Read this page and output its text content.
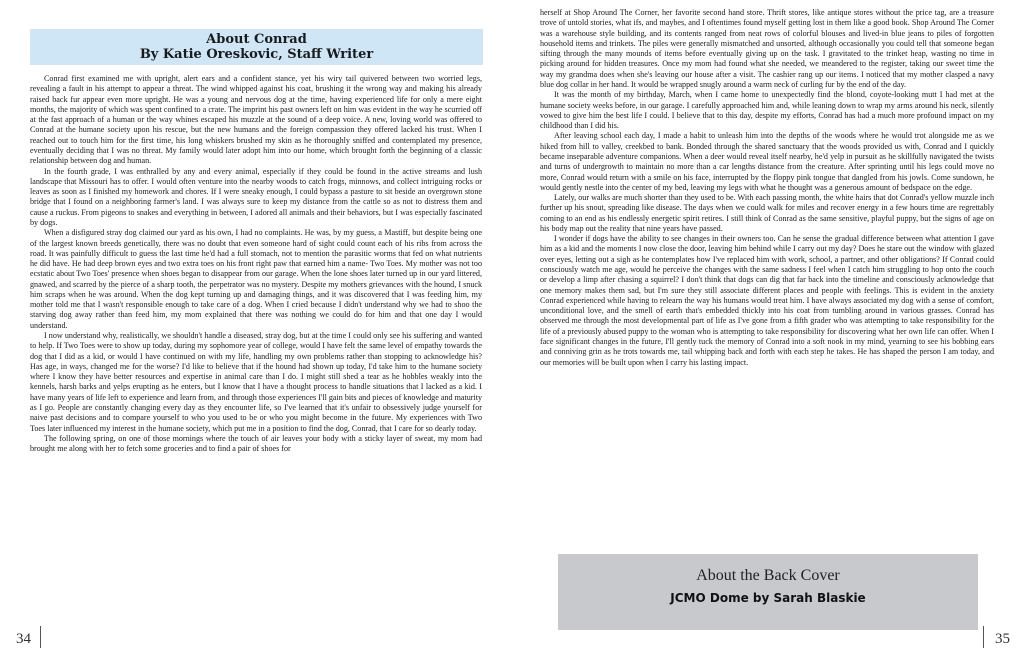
About Conrad
By Katie Oreskovic, Staff Writer

Conrad first examined me with upright, alert ears and a confident stance, yet his wiry tail quivered between two worried legs, revealing a fault in his attempt to appear a threat. The wind whipped against his coat, brushing it the wrong way and making his already raised back fur appear even more upright. He was a young and nervous dog at the time, having experienced life for only a mere eight months, the majority of which was spent confined to a crate. The imprint his past owners left on him was evident in the way he scurried off at the fast approach of a human or the way whines escaped his muzzle at the sound of a deep voice. A new, loving world was offered to Conrad at the humane society upon his rescue, but the new humans and the foreign compassion they offered lacked his trust. When I reached out to touch him for the first time, his long whiskers brushed my skin as he thoroughly sniffed and contemplated my presence, eventually deciding that I was no threat. My family would later adopt him into our home, which brought forth the beginning of a classic relationship between dog and human.

In the fourth grade, I was enthralled by any and every animal, especially if they could be found in the active streams and lush landscape that Missouri has to offer. I would often venture into the nearby woods to catch frogs, minnows, and collect intriguing rocks or leaves as soon as I finished my homework and chores. If I were sneaky enough, I could bypass a pasture to sit beside an overgrown stone bridge that I found on a neighboring farmer's land. I was always sure to keep my distance from the cattle so as not to distress them and cause a ruckus. From pigeons to snakes and everything in between, I adored all animals and their behaviors, but I was especially fascinated by dogs.

When a disfigured stray dog claimed our yard as his own, I had no complaints. He was, by my guess, a Mastiff, but despite being one of the largest known breeds genetically, there was no doubt that even someone hard of sight could count each of his ribs from across the road. It was painfully difficult to guess the last time he'd had a full stomach, not to mention the parasitic worms that fed on what nutrients he did have. He had deep brown eyes and two extra toes on his front right paw that earned him a name- Two Toes. My mother was not too ecstatic about Two Toes' presence when shoes began to disappear from our garage. When the lone shoes later turned up in our yard littered, gnawed, and scarred by the pierce of a sharp tooth, the perpetrator was no mystery. Despite my mothers grievances with the hound, I snuck him scraps when he was around. When the dog kept turning up and damaging things, and it was discovered that I was feeding him, my mother told me that I wasn't responsible enough to take care of a dog. When I cried because I didn't understand why we had to shoo the starving dog away rather than feed him, my mom explained that there was nothing we could do for him and that one day I would understand.

I now understand why, realistically, we shouldn't handle a diseased, stray dog, but at the time I could only see his suffering and wanted to help. If Two Toes were to show up today, during my sophomore year of college, would I have felt the same level of empathy towards the dog that I did as a kid, or would I have continued on with my life, handling my own problems rather than stopping to acknowledge his? Has age, in ways, changed me for the worse? I'd like to believe that if the hound had shown up today, I'd take him to the humane society where I know they have better resources and expertise in animal care than I do. I might still shed a tear as he hobbles weakly into the kennels, harsh barks and yelps erupting as he enters, but I know that I have a thought process to handle situations that I lacked as a kid. I have many years of life left to experience and learn from, and through those experiences I'll gain bits and pieces of knowledge and maturity as I go. People are constantly changing every day as they encounter life, so I've learned that it's unfair to obsessively judge yourself for naive past decisions and to compare yourself to who you used to be or who you might become in the future. My experiences with Two Toes later influenced my interest in the humane society, which put me in a position to find the dog, Conrad, that I care for so dearly today.

The following spring, on one of those mornings where the touch of air leaves your body with a sticky layer of sweat, my mom had brought me along with her to fetch some groceries and to find a pair of shoes for

34

herself at Shop Around The Corner, her favorite second hand store. Thrift stores, like antique stores without the price tag, are a treasure trove of untold stories, what ifs, and maybes, and I oftentimes found myself getting lost in them like a good book. Shop Around The Corner was a warehouse style building, and its contents ranged from neat rows of colorful blouses and lived-in blue jeans to piles of forgotten household items and trinkets. The piles were generally mismatched and unsorted, although occasionally you could tell that someone began sifting through the many mounds of items before eventually giving up on the task. I gravitated to the trinket heap, wasting no time in picking around for hidden treasures. Once my mom had found what she needed, we meandered to the register, taking our sweet time the way my grandma does when she's leaving our house after a visit. The cashier rang up our items. I noticed that my mother clasped a navy blue dog collar in her hand. It would be wrapped snugly around a warm neck of curling fur by the end of the day.

It was the month of my birthday, March, when I came home to unexpectedly find the blond, coyote-looking mutt I had met at the humane society weeks before, in our garage. I carefully approached him and, while leaning down to wrap my arms around his neck, silently vowed to give him the best life I could. I believe that to this day, despite my efforts, Conrad has had a much more profound impact on my childhood than I did his.

After leaving school each day, I made a habit to unleash him into the depths of the woods where he would trot alongside me as we hiked from hill to valley, creekbed to bank. Bonded through the shared sanctuary that the woods provided us with, Conrad and I quickly became inseparable adventure companions. When a deer would reveal itself nearby, he'd yelp in pursuit as he skillfully navigated the twists and turns of undergrowth to maintain no more than a car lengths distance from the creature. After sprinting until his legs could move no more, Conrad would return with a smile on his face, interrupted by the floppy pink tongue that dangled from his jowls. Come sundown, he would gently nestle into the center of my bed, leaving my legs with what he thought was a generous amount of bedspace on the edge.

Lately, our walks are much shorter than they used to be. With each passing month, the white hairs that dot Conrad's yellow muzzle inch further up his snout, spreading like disease. The days when we could walk for miles and recover energy in a few hours time are regrettably coming to an end as his endlessly energetic spirit retires. I still think of Conrad as the same sensitive, playful puppy, but the signs of age on his body map out the reality that nine years have passed.

I wonder if dogs have the ability to see changes in their owners too. Can he sense the gradual difference between what attention I gave him as a kid and the moments I now close the door, leaving him behind while I carry out my day? Does he stare out the window with glazed over eyes, letting out a sigh as he contemplates how I've replaced him with work, school, a partner, and other obligations? If Conrad could consciously watch me age, would he perceive the changes with the same sadness I feel when I catch him struggling to hop onto the couch or develop a limp after chasing a squirrel? I don't think that dogs can dig that far back into the timeline and consciously acknowledge that one memory makes them sad, but I'm sure they still associate different places and people with feelings. This is evident in the anxiety Conrad experienced while having to relearn the way his humans would treat him. I have always associated my dog with a sense of comfort, unconditional love, and the smell of earth that's embedded thickly into his coat from tumbling around in various grasses. Conrad has observed me through the most developmental part of life as I've gone from a fifth grader who was attempting to take responsibility for the life of a previously abused puppy to the woman who is attempting to take responsibility for discovering what her own life can offer. When I face significant changes in the future, I'll gently tuck the memory of Conrad into a soft nook in my mind, yearning to see his bobbing ears and conniving grin as he trots towards me, tail whipping back and forth with each step he takes. He has shaped the person I am today, and our memories will be built upon when I carry his lasting impact.

About the Back Cover
JCMO Dome by Sarah Blaskie
35
